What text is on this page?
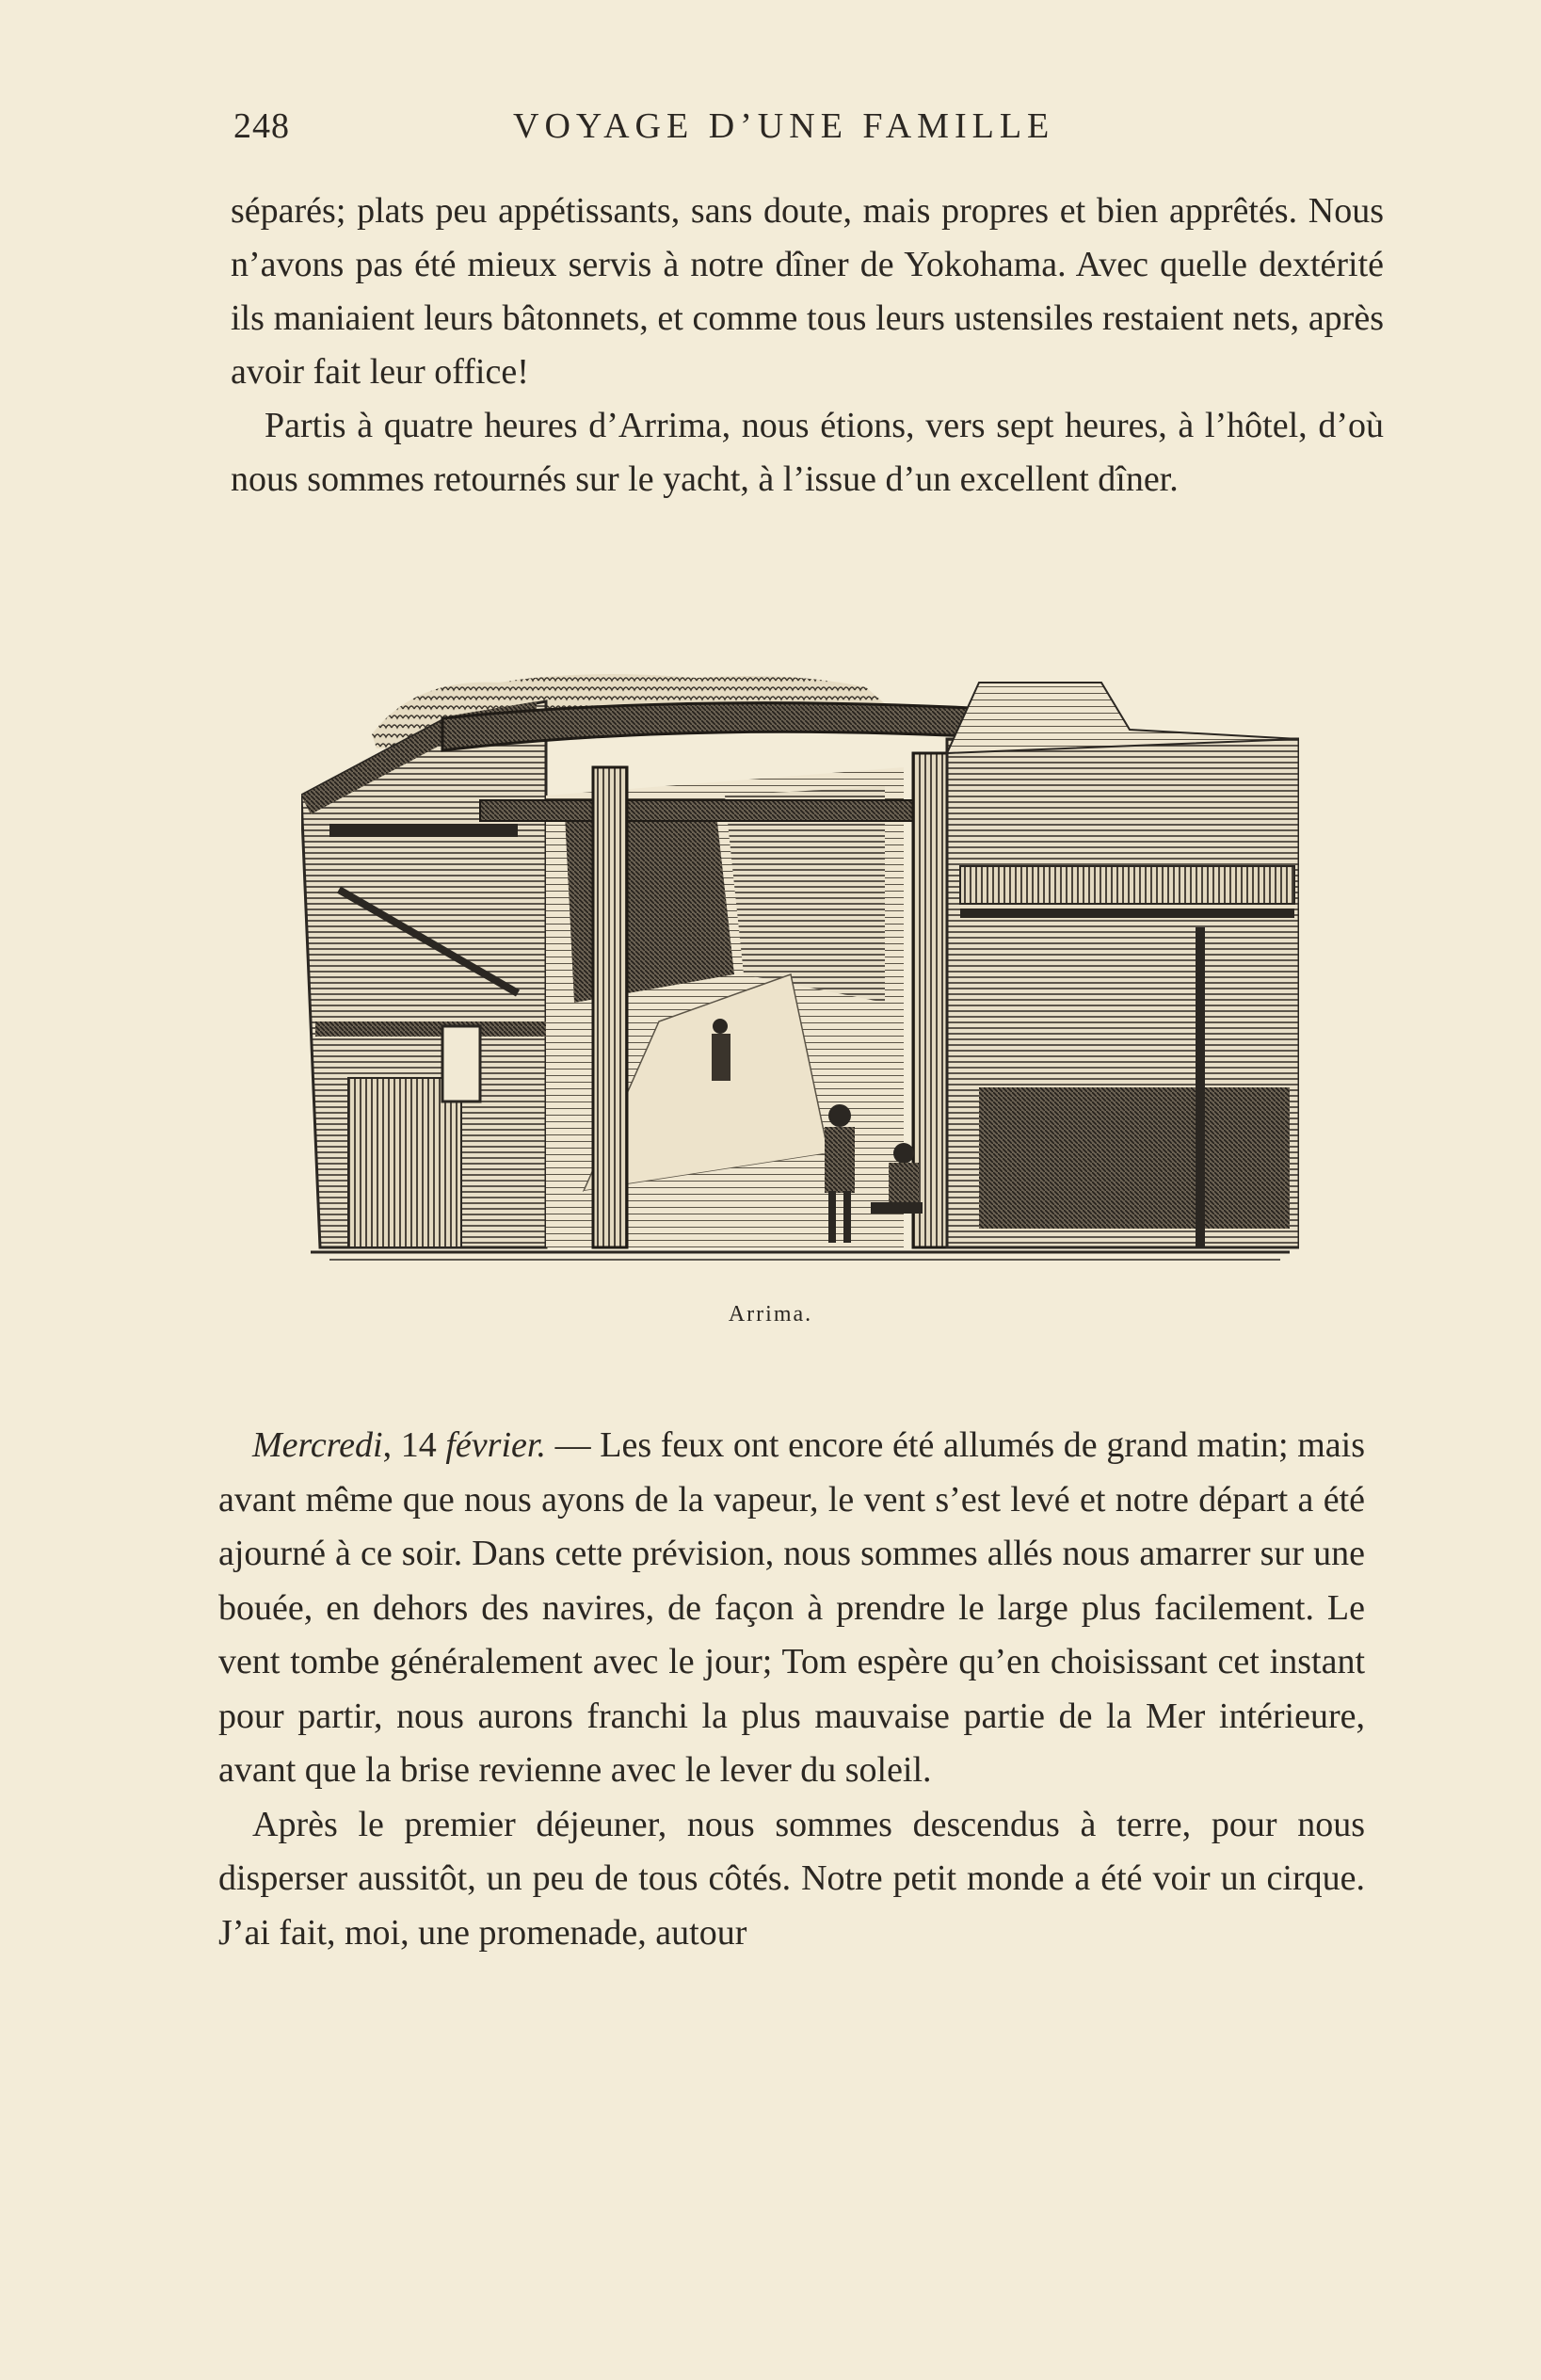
248	VOYAGE D’UNE FAMILLE

séparés; plats peu appétissants, sans doute, mais propres et bien apprêtés. Nous n’avons pas été mieux servis à notre dîner de Yokohama. Avec quelle dextérité ils maniaient leurs bâtonnets, et comme tous leurs ustensiles restaient nets, après avoir fait leur office!

Partis à quatre heures d’Arrima, nous étions, vers sept heures, à l’hôtel, d’où nous sommes retournés sur le yacht, à l’issue d’un excellent dîner.

Arrima.

Mercredi, 14 février. — Les feux ont encore été allumés de grand matin; mais avant même que nous ayons de la vapeur, le vent s’est levé et notre départ a été ajourné à ce soir. Dans cette prévision, nous sommes allés nous amarrer sur une bouée, en dehors des navires, de façon à prendre le large plus facilement. Le vent tombe généralement avec le jour; Tom espère qu’en choisissant cet instant pour partir, nous aurons franchi la plus mauvaise partie de la Mer intérieure, avant que la brise revienne avec le lever du soleil.

Après le premier déjeuner, nous sommes descendus à terre, pour nous disperser aussitôt, un peu de tous côtés. Notre petit monde a été voir un cirque. J’ai fait, moi, une promenade, autour
